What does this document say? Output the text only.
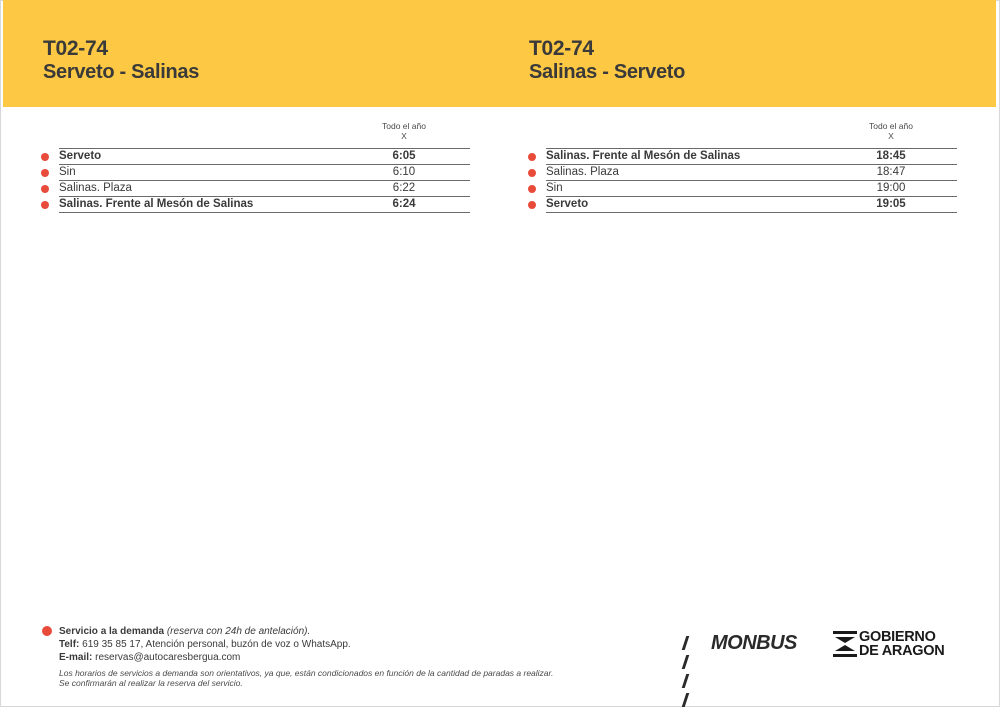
T02-74
Serveto - Salinas
T02-74
Salinas - Serveto
Todo el año
X
Serveto	6:05
Sin	6:10
Salinas. Plaza	6:22
Salinas. Frente al Mesón de Salinas	6:24
Todo el año
X
Salinas. Frente al Mesón de Salinas	18:45
Salinas. Plaza	18:47
Sin	19:00
Serveto	19:05
Servicio a la demanda (reserva con 24h de antelación).
Telf: 619 35 85 17, Atención personal, buzón de voz o WhatsApp.
E-mail: reservas@autocaresbergua.com
Los horarios de servicios a demanda son orientativos, ya que, están condicionados en función de la cantidad de paradas a realizar.
Se confirmarán al realizar la reserva del servicio.
MONBUS	GOBIERNO
DE ARAGON
